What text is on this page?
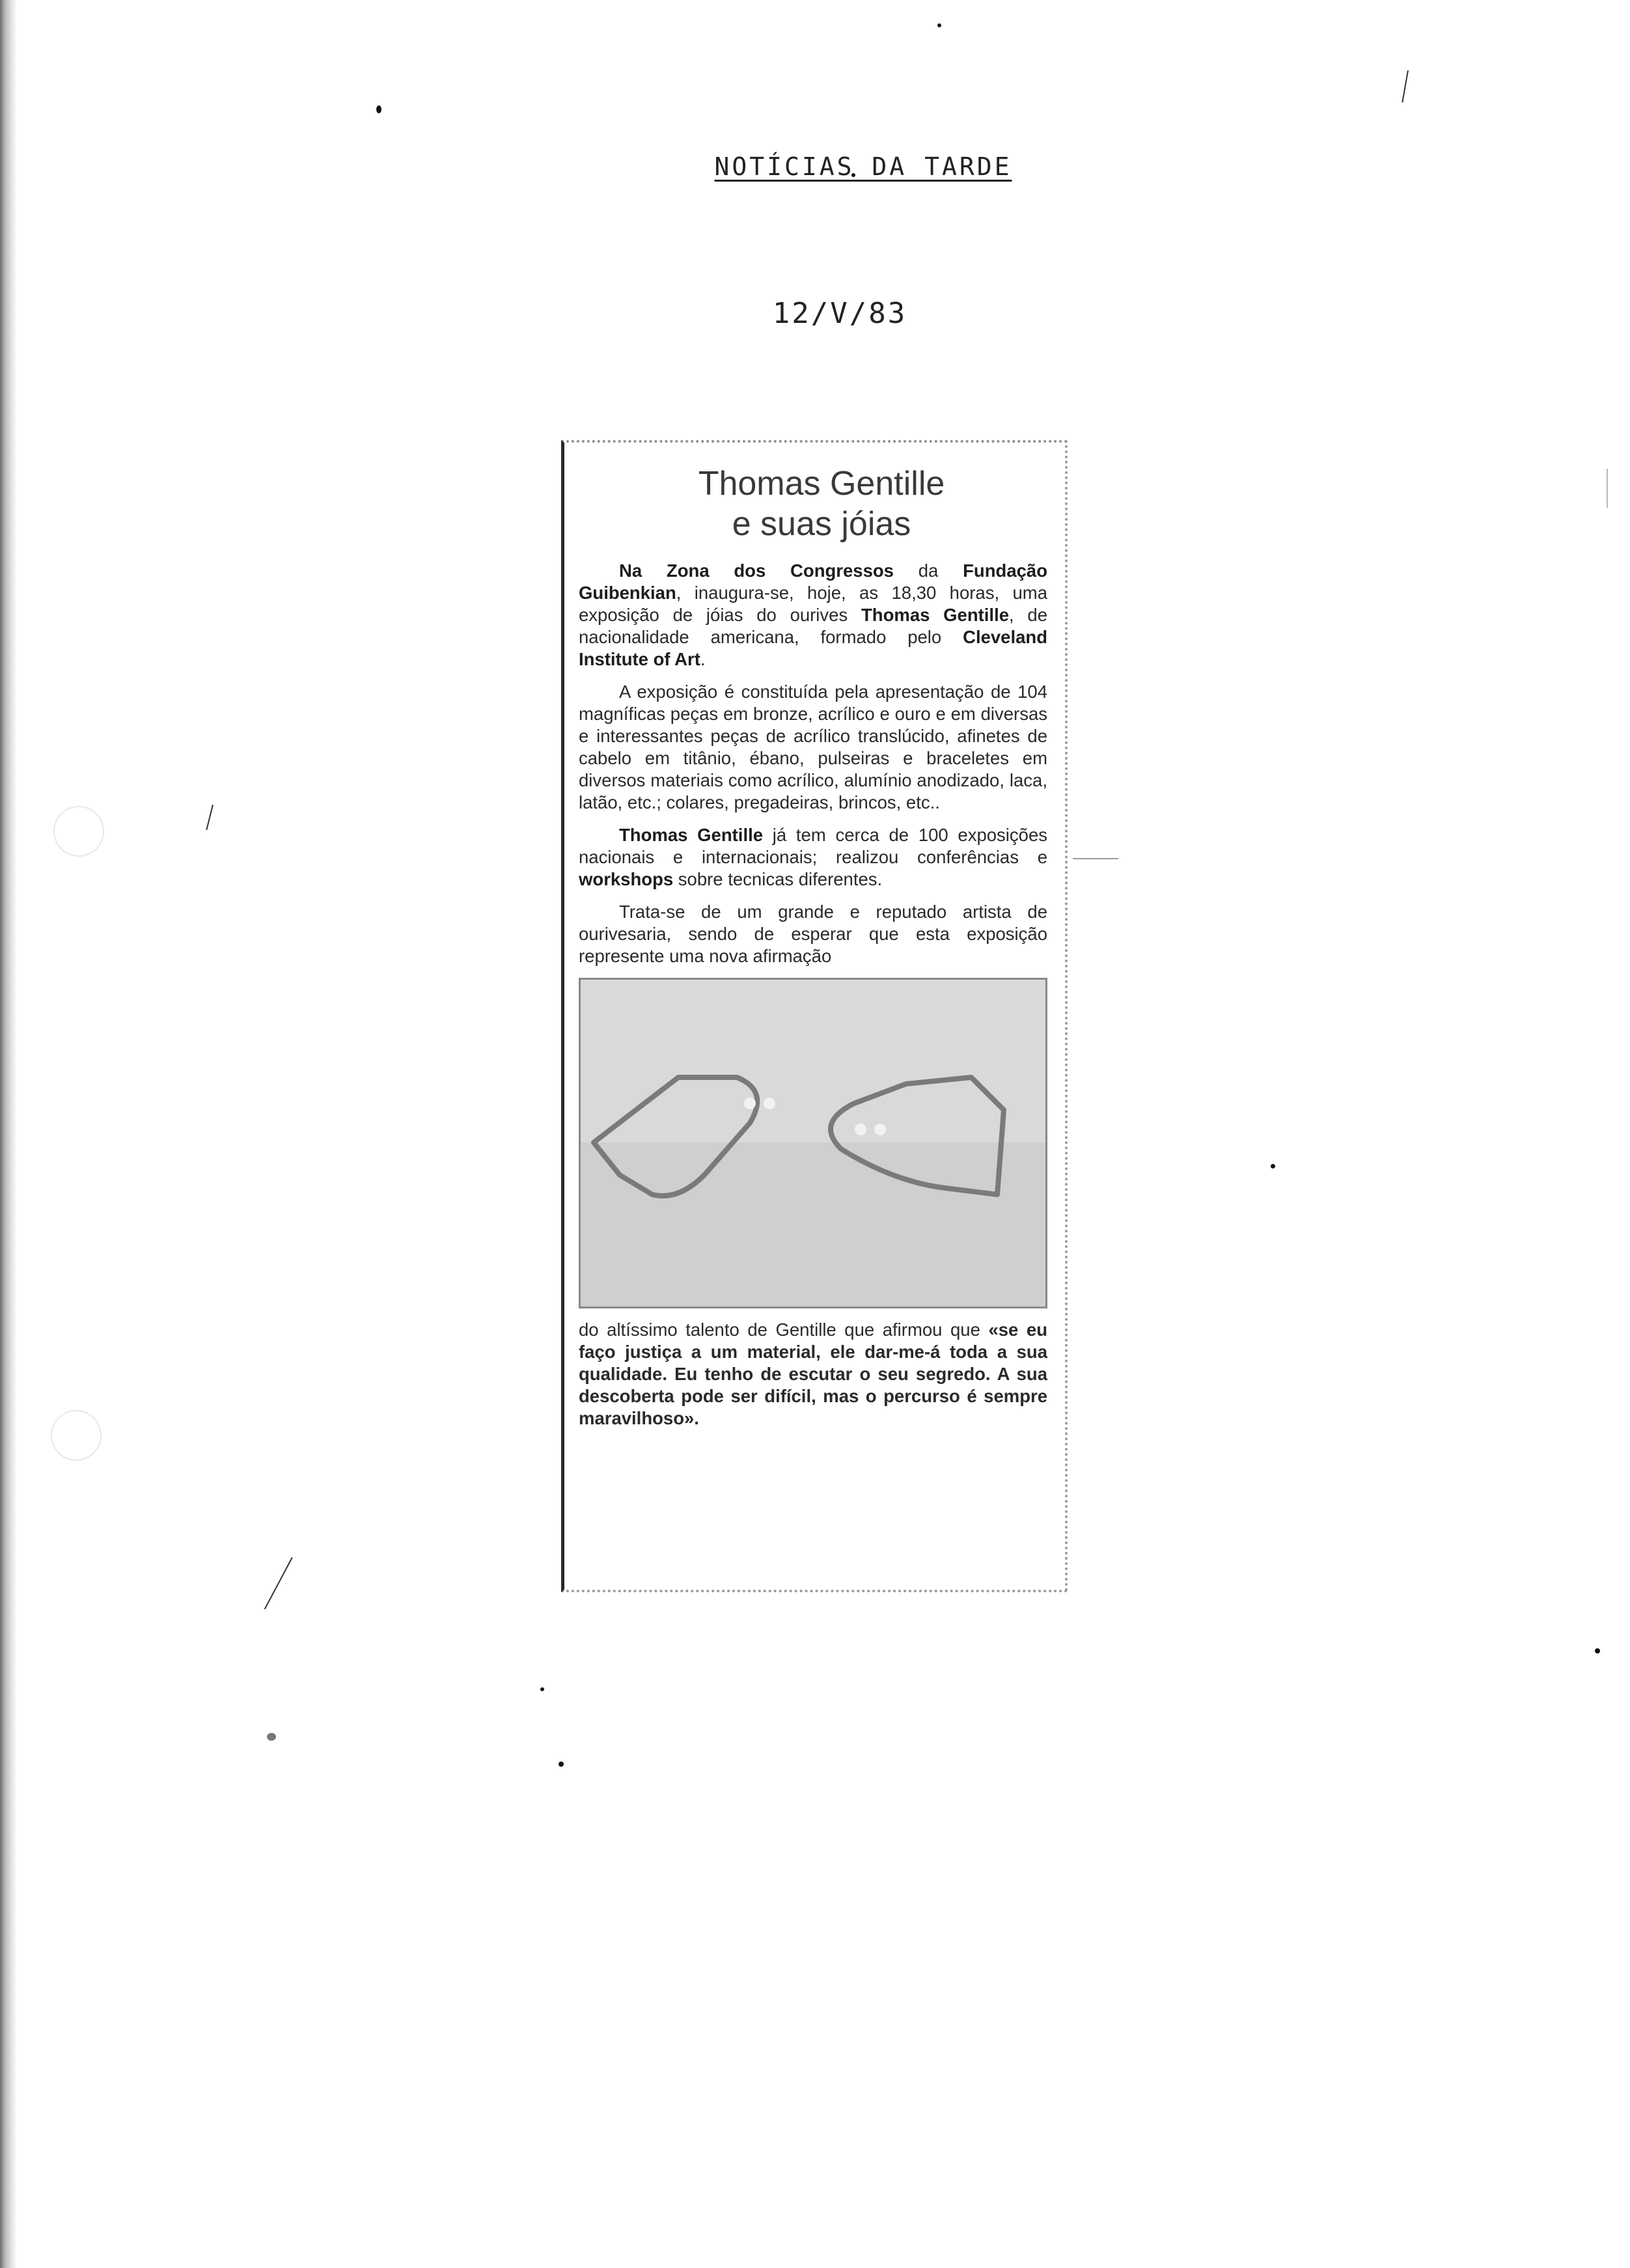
NOTÍCIAS DA TARDE
12/V/83
Thomas Gentille
e suas jóias

Na Zona dos Congressos da Fundação Guibenkian, inaugura-se, hoje, as 18,30 horas, uma exposição de jóias do ourives Thomas Gentille, de nacionalidade americana, formado pelo Cleveland Institute of Art.

A exposição é constituída pela apresentação de 104 magníficas peças em bronze, acrílico e ouro e em diversas e interessantes peças de acrílico translúcido, afinetes de cabelo em titânio, ébano, pulseiras e braceletes em diversos materiais como acrílico, alumínio anodizado, laca, latão, etc.; colares, pregadeiras, brincos, etc..

Thomas Gentille já tem cerca de 100 exposições nacionais e internacionais; realizou conferências e workshops sobre tecnicas diferentes.

Trata-se de um grande e reputado artista de ourivesaria, sendo de esperar que esta exposição represente uma nova afirmação

do altíssimo talento de Gentille que afirmou que «se eu faço justiça a um material, ele dar-me-á toda a sua qualidade. Eu tenho de escutar o seu segredo. A sua descoberta pode ser difícil, mas o percurso é sempre maravilhoso».
